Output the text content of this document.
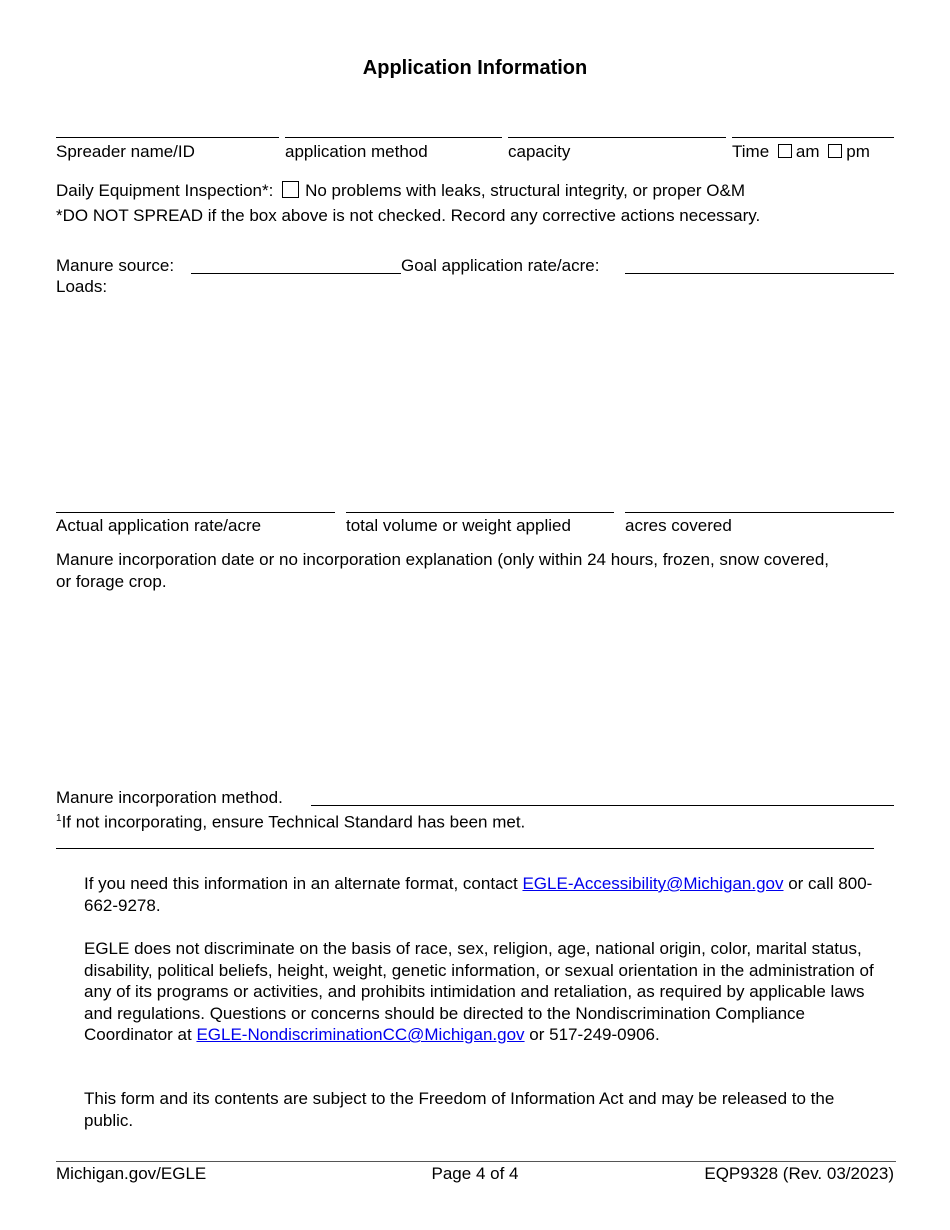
Application Information
Spreader name/ID	application method	capacity	Time am pm
Daily Equipment Inspection*: No problems with leaks, structural integrity, or proper O&M
*DO NOT SPREAD if the box above is not checked. Record any corrective actions necessary.
Manure source:	Goal application rate/acre:
Loads:
Actual application rate/acre	total volume or weight applied	acres covered
Manure incorporation date or no incorporation explanation (only within 24 hours, frozen, snow covered, or forage crop.
Manure incorporation method.
$^1$If not incorporating, ensure Technical Standard has been met.
If you need this information in an alternate format, contact EGLE-Accessibility@Michigan.gov or call 800-662-9278.
EGLE does not discriminate on the basis of race, sex, religion, age, national origin, color, marital status, disability, political beliefs, height, weight, genetic information, or sexual orientation in the administration of any of its programs or activities, and prohibits intimidation and retaliation, as required by applicable laws and regulations. Questions or concerns should be directed to the Nondiscrimination Compliance Coordinator at EGLE-NondiscriminationCC@Michigan.gov or 517-249-0906.
This form and its contents are subject to the Freedom of Information Act and may be released to the public.
Michigan.gov/EGLE	Page 4 of 4	EQP9328 (Rev. 03/2023)
